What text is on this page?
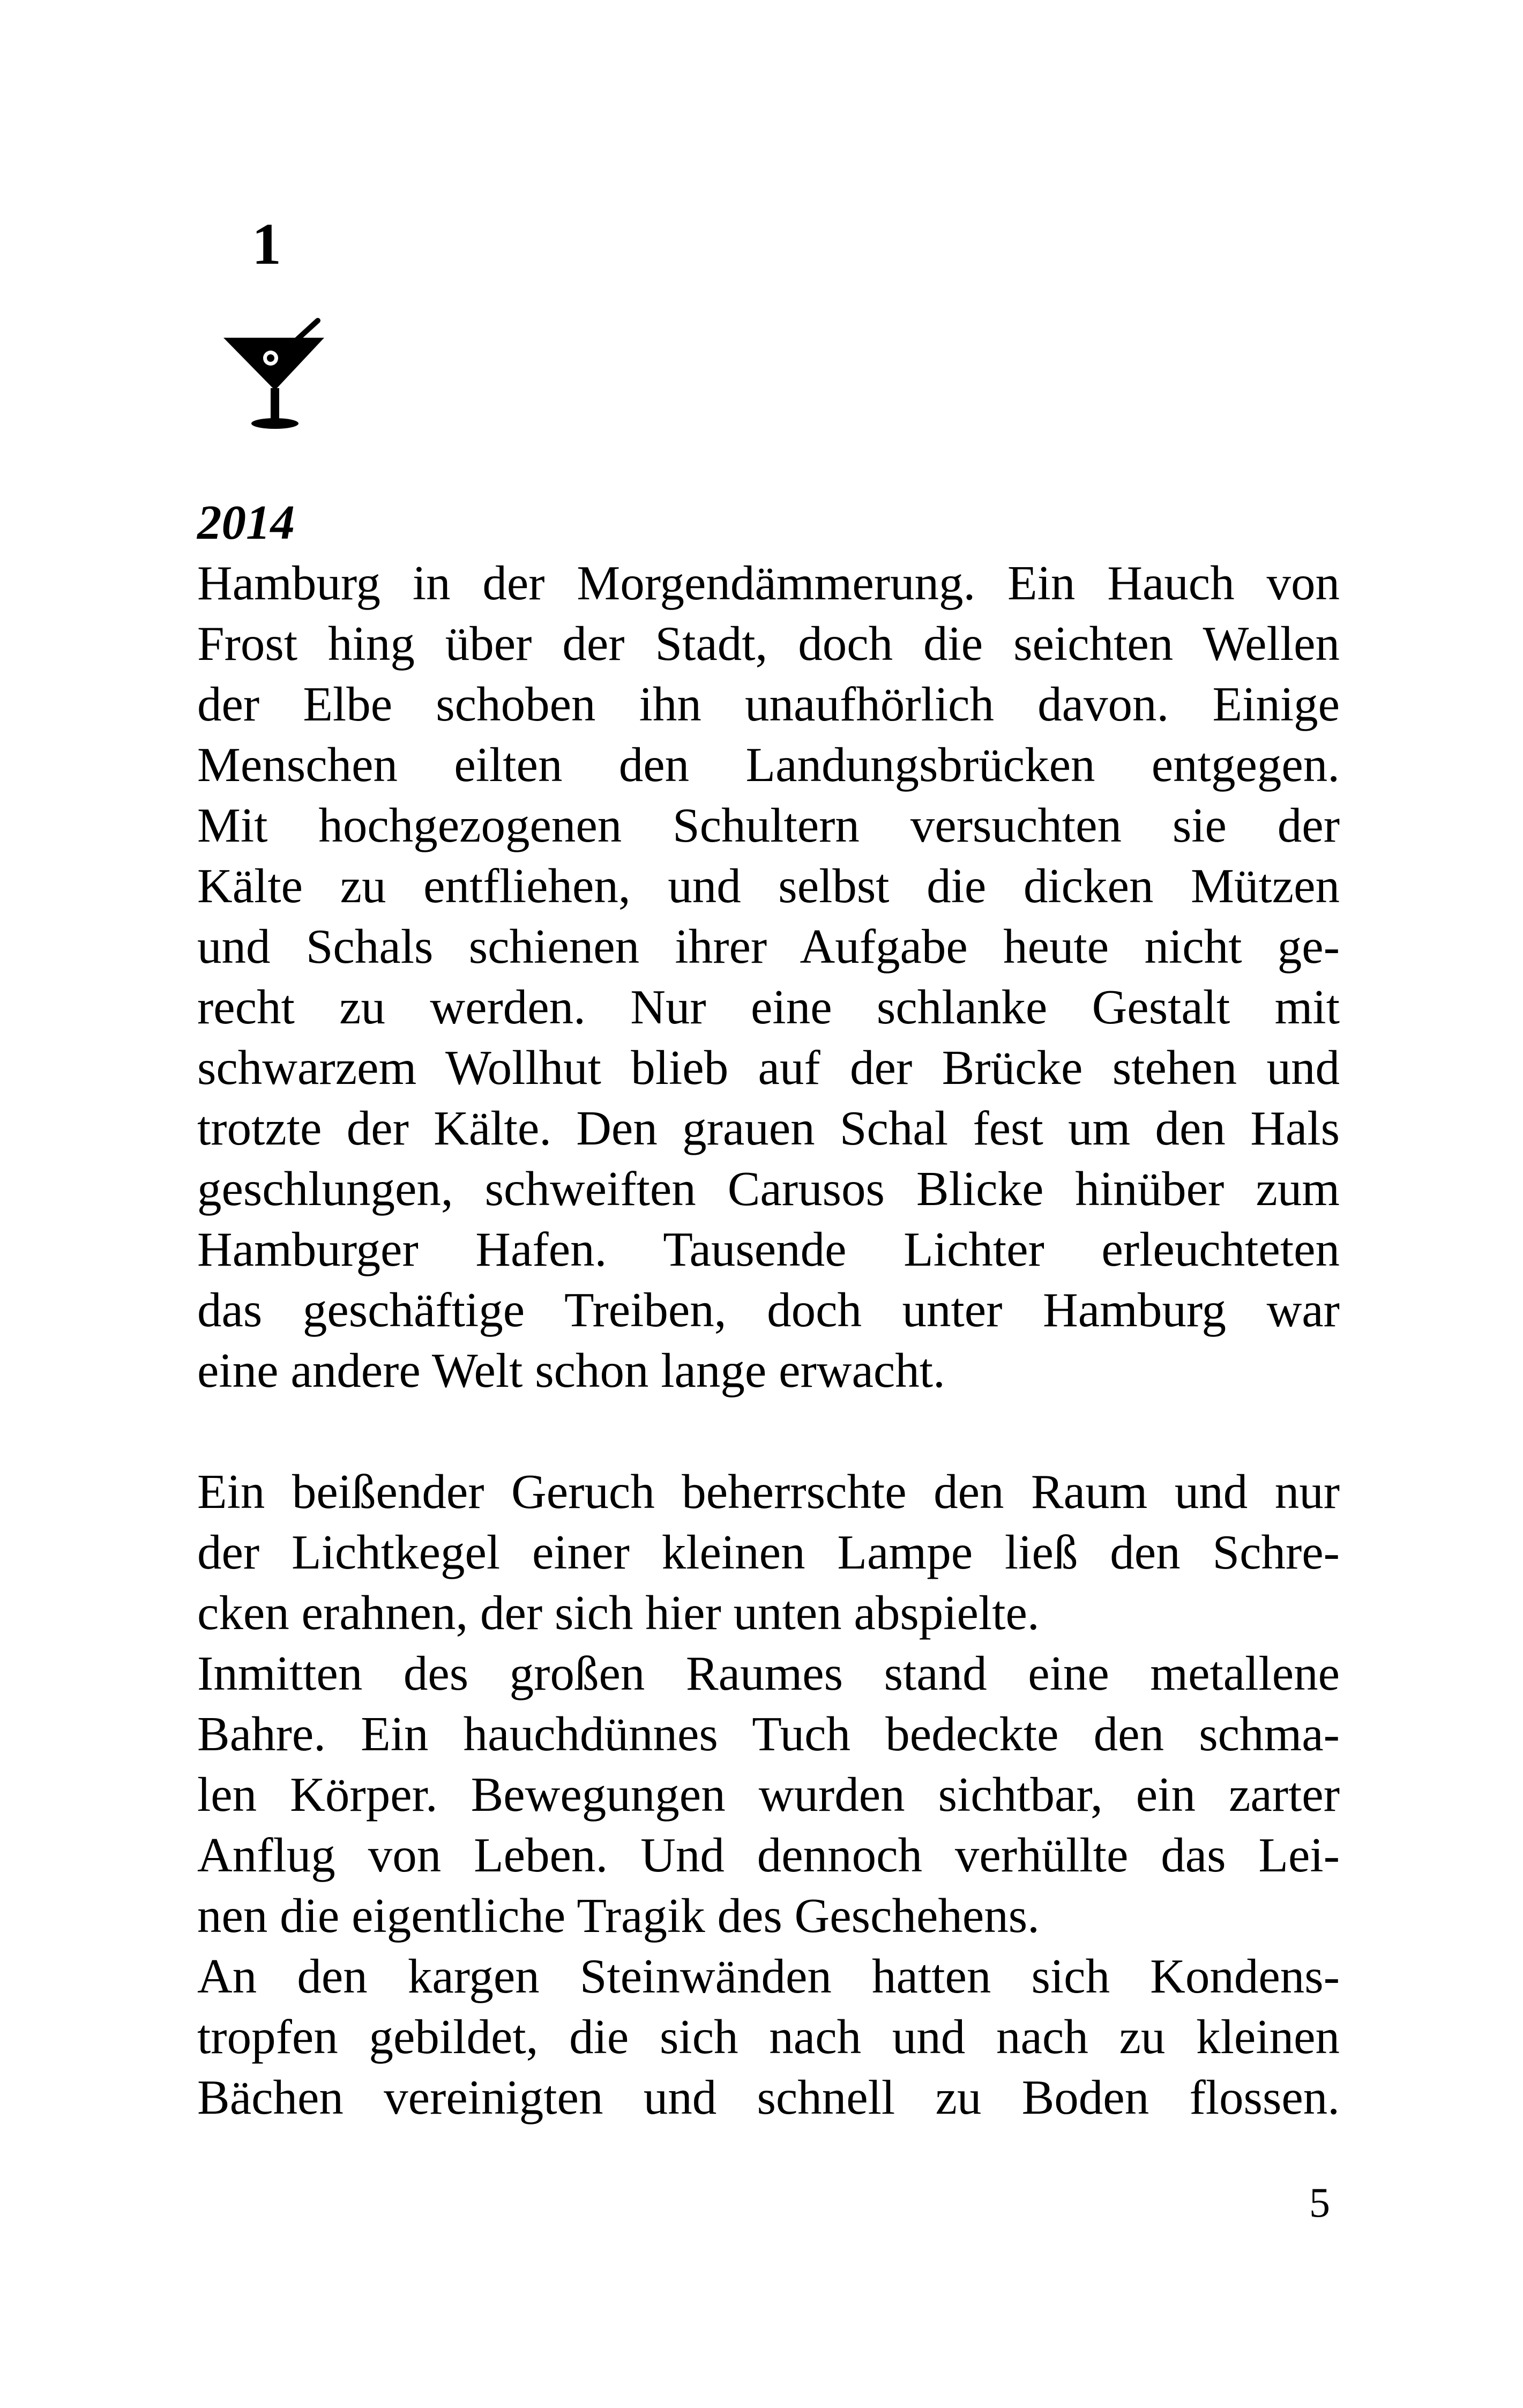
1
2014
Hamburg in der Morgendämmerung. Ein Hauch von
Frost hing über der Stadt, doch die seichten Wellen
der Elbe schoben ihn unaufhörlich davon. Einige
Menschen eilten den Landungsbrücken entgegen.
Mit hochgezogenen Schultern versuchten sie der
Kälte zu entfliehen, und selbst die dicken Mützen
und Schals schienen ihrer Aufgabe heute nicht ge-
recht zu werden. Nur eine schlanke Gestalt mit
schwarzem Wollhut blieb auf der Brücke stehen und
trotzte der Kälte. Den grauen Schal fest um den Hals
geschlungen, schweiften Carusos Blicke hinüber zum
Hamburger Hafen. Tausende Lichter erleuchteten
das geschäftige Treiben, doch unter Hamburg war
eine andere Welt schon lange erwacht.
Ein beißender Geruch beherrschte den Raum und nur
der Lichtkegel einer kleinen Lampe ließ den Schre-
cken erahnen, der sich hier unten abspielte.
Inmitten des großen Raumes stand eine metallene
Bahre. Ein hauchdünnes Tuch bedeckte den schma-
len Körper. Bewegungen wurden sichtbar, ein zarter
Anflug von Leben. Und dennoch verhüllte das Lei-
nen die eigentliche Tragik des Geschehens.
An den kargen Steinwänden hatten sich Kondens-
tropfen gebildet, die sich nach und nach zu kleinen
Bächen vereinigten und schnell zu Boden flossen.
5
